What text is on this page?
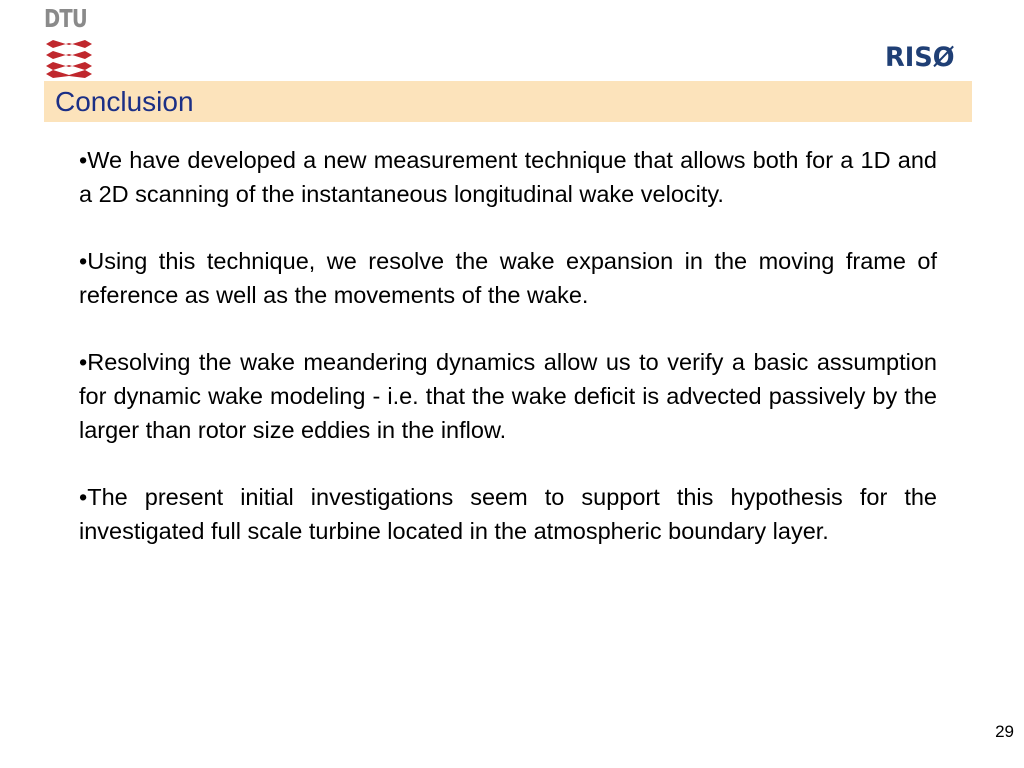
DTU
RISØ
Conclusion

•We have developed a new measurement technique that allows both for a 1D and a 2D scanning of the instantaneous longitudinal wake velocity.

•Using this technique, we resolve the wake expansion in the moving frame of reference as well as the movements of the wake.

•Resolving the wake meandering dynamics allow us to verify a basic assumption for dynamic wake modeling - i.e. that the wake deficit is advected passively by the larger than rotor size eddies in the inflow.

•The present initial investigations seem to support this hypothesis for the investigated full scale turbine located in the atmospheric boundary layer.

29
